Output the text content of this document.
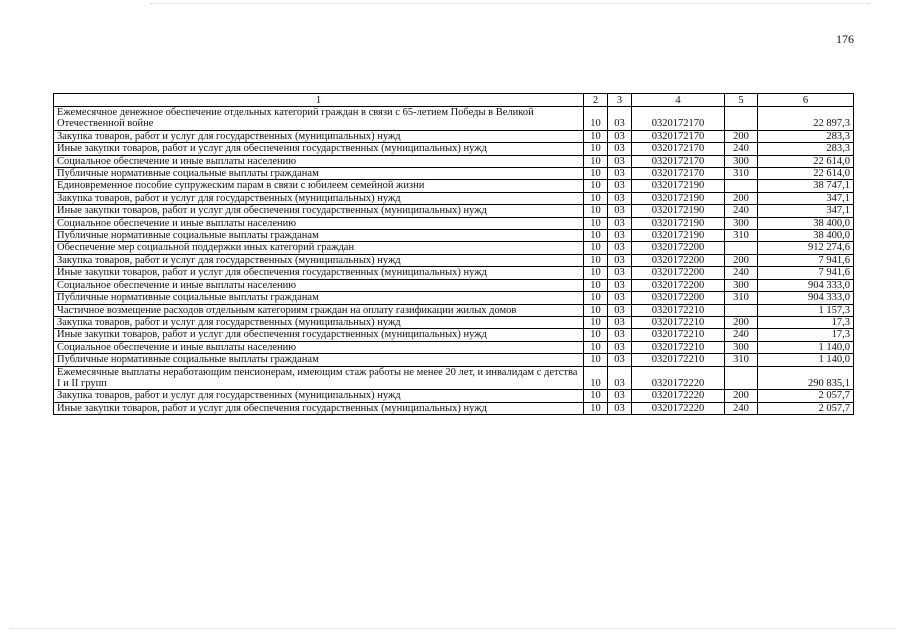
176
1	2	3	4	5	6
Ежемесячное денежное обеспечение отдельных категорий граждан в связи с 65-летием Победы в Великой Отечественной войне	10	03	0320172170		22 897,3
Закупка товаров, работ и услуг для государственных (муниципальных) нужд	10	03	0320172170	200	283,3
Иные закупки товаров, работ и услуг для обеспечения государственных (муниципальных) нужд	10	03	0320172170	240	283,3
Социальное обеспечение и иные выплаты населению	10	03	0320172170	300	22 614,0
Публичные нормативные социальные выплаты гражданам	10	03	0320172170	310	22 614,0
Единовременное пособие супружеским парам в связи с юбилеем семейной жизни	10	03	0320172190		38 747,1
Закупка товаров, работ и услуг для государственных (муниципальных) нужд	10	03	0320172190	200	347,1
Иные закупки товаров, работ и услуг для обеспечения государственных (муниципальных) нужд	10	03	0320172190	240	347,1
Социальное обеспечение и иные выплаты населению	10	03	0320172190	300	38 400,0
Публичные нормативные социальные выплаты гражданам	10	03	0320172190	310	38 400,0
Обеспечение мер социальной поддержки иных категорий граждан	10	03	0320172200		912 274,6
Закупка товаров, работ и услуг для государственных (муниципальных) нужд	10	03	0320172200	200	7 941,6
Иные закупки товаров, работ и услуг для обеспечения государственных (муниципальных) нужд	10	03	0320172200	240	7 941,6
Социальное обеспечение и иные выплаты населению	10	03	0320172200	300	904 333,0
Публичные нормативные социальные выплаты гражданам	10	03	0320172200	310	904 333,0
Частичное возмещение расходов отдельным категориям граждан на оплату газификации жилых домов	10	03	0320172210		1 157,3
Закупка товаров, работ и услуг для государственных (муниципальных) нужд	10	03	0320172210	200	17,3
Иные закупки товаров, работ и услуг для обеспечения государственных (муниципальных) нужд	10	03	0320172210	240	17,3
Социальное обеспечение и иные выплаты населению	10	03	0320172210	300	1 140,0
Публичные нормативные социальные выплаты гражданам	10	03	0320172210	310	1 140,0
Ежемесячные выплаты неработающим пенсионерам, имеющим стаж работы не менее 20 лет, и инвалидам с детства I и II групп	10	03	0320172220		290 835,1
Закупка товаров, работ и услуг для государственных (муниципальных) нужд	10	03	0320172220	200	2 057,7
Иные закупки товаров, работ и услуг для обеспечения государственных (муниципальных) нужд	10	03	0320172220	240	2 057,7
